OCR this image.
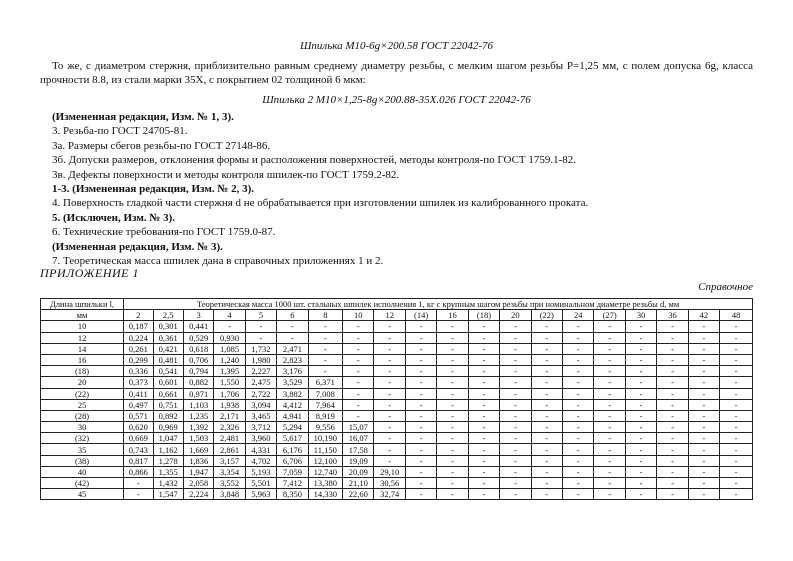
Шпилька М10-6g×200.58 ГОСТ 22042-76
То же, с диаметром стержня, приблизительно равным среднему диаметру резьбы, с мелким шагом резьбы Р=1,25 мм, с полем допуска 6g, класса прочности 8.8, из стали марки 35Х, с покрытием 02 толщиной 6 мкм:
Шпилька 2 М10×1,25-8g×200.88-35Х.026 ГОСТ 22042-76
(Измененная редакция, Изм. № 1, 3).
3. Резьба-по ГОСТ 24705-81.
3а. Размеры сбегов резьбы-по ГОСТ 27148-86.
3б. Допуски размеров, отклонения формы и расположения поверхностей, методы контроля-по ГОСТ 1759.1-82.
3в. Дефекты поверхности и методы контроля шпилек-по ГОСТ 1759.2-82.
1-3. (Измененная редакция, Изм. № 2, 3).
4. Поверхность гладкой части стержня d не обрабатывается при изготовлении шпилек из калиброванного проката.
5. (Исключен, Изм. № 3).
6. Технические требования-по ГОСТ 1759.0-87.
(Измененная редакция, Изм. № 3).
7. Теоретическая масса шпилек дана в справочных приложениях 1 и 2.
ПРИЛОЖЕНИЕ 1
Справочное
Длина шпильки l,	Теоретическая масса 1000 шт. стальных шпилек исполнения 1, кг с крупным шагом резьбы при номинальном диаметре резьбы d, мм																			
мм	2	2,5	3	4	5	6	8	10	12	(14)	16	(18)	20	(22)	24	(27)	30	36	42	48
10	0,187	0,301	0,441	-	-	-	-	-	-	-	-	-	-	-	-	-	-	-	-	-
12	0,224	0,361	0,529	0,930	-	-	-	-	-	-	-	-	-	-	-	-	-	-	-	-
14	0,261	0,421	0,618	1,085	1,732	2,471	-	-	-	-	-	-	-	-	-	-	-	-	-	-
16	0,299	0,481	0,706	1,240	1,980	2,823	-	-	-	-	-	-	-	-	-	-	-	-	-	-
(18)	0,336	0,541	0,794	1,395	2,227	3,176	-	-	-	-	-	-	-	-	-	-	-	-	-	-
20	0,373	0,601	0,882	1,550	2,475	3,529	6,371	-	-	-	-	-	-	-	-	-	-	-	-	-
(22)	0,411	0,661	0,971	1,706	2,722	3,882	7,008	-	-	-	-	-	-	-	-	-	-	-	-	-
25	0,497	0,751	1,103	1,938	3,094	4,412	7,964	-	-	-	-	-	-	-	-	-	-	-	-	-
(28)	0,571	0,892	1,235	2,171	3,465	4,941	8,919	-	-	-	-	-	-	-	-	-	-	-	-	-
30	0,620	0,969	1,392	2,326	3,712	5,294	9,556	15,07	-	-	-	-	-	-	-	-	-	-	-	-
(32)	0,669	1,047	1,503	2,481	3,960	5,617	10,190	16,07	-	-	-	-	-	-	-	-	-	-	-	-
35	0,743	1,162	1,669	2,861	4,331	6,176	11,150	17,58	-	-	-	-	-	-	-	-	-	-	-	-
(38)	0,817	1,278	1,836	3,157	4,702	6,706	12,100	19,09	-	-	-	-	-	-	-	-	-	-	-	-
40	0,866	1,355	1,947	3,354	5,193	7,059	12,740	20,09	29,10	-	-	-	-	-	-	-	-	-	-	-
(42)	-	1,432	2,058	3,552	5,501	7,412	13,380	21,10	30,56	-	-	-	-	-	-	-	-	-	-	-
45	-	1,547	2,224	3,848	5,963	8,350	14,330	22,60	32,74	-	-	-	-	-	-	-	-	-	-	-
